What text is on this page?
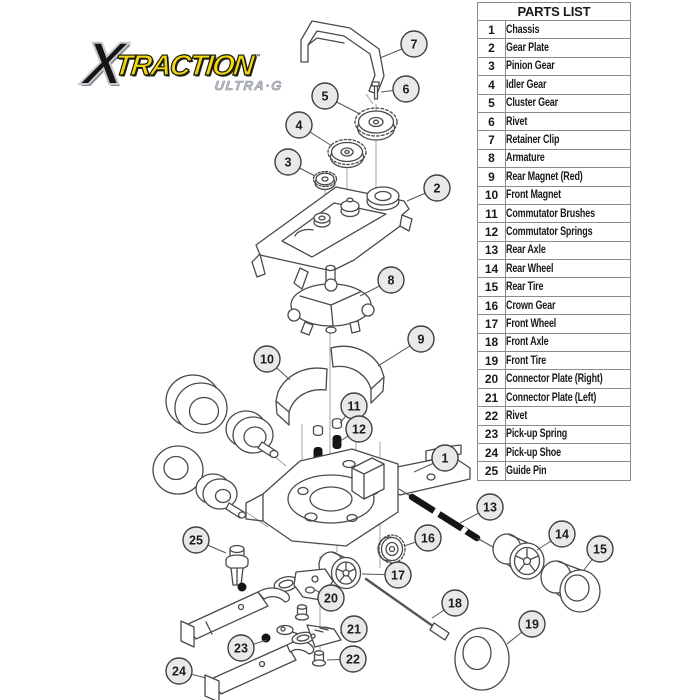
X
TRACTION
™
ULTRA·G
PARTS LIST	
1	Chassis
2	Gear Plate
3	Pinion Gear
4	Idler Gear
5	Cluster Gear
6	Rivet
7	Retainer Clip
8	Armature
9	Rear Magnet (Red)
10	Front Magnet
11	Commutator Brushes
12	Commutator Springs
13	Rear Axle
14	Rear Wheel
15	Rear Tire
16	Crown Gear
17	Front Wheel
18	Front Axle
19	Front Tire
20	Connector Plate (Right)
21	Connector Plate (Left)
22	Rivet
23	Pick-up Spring
24	Pick-up Shoe
25	Guide Pin
7
6
5
4
3
2
8
9
10
11
12
1
13
16	14
15
25
17
20	18
21	19
23
22
24
